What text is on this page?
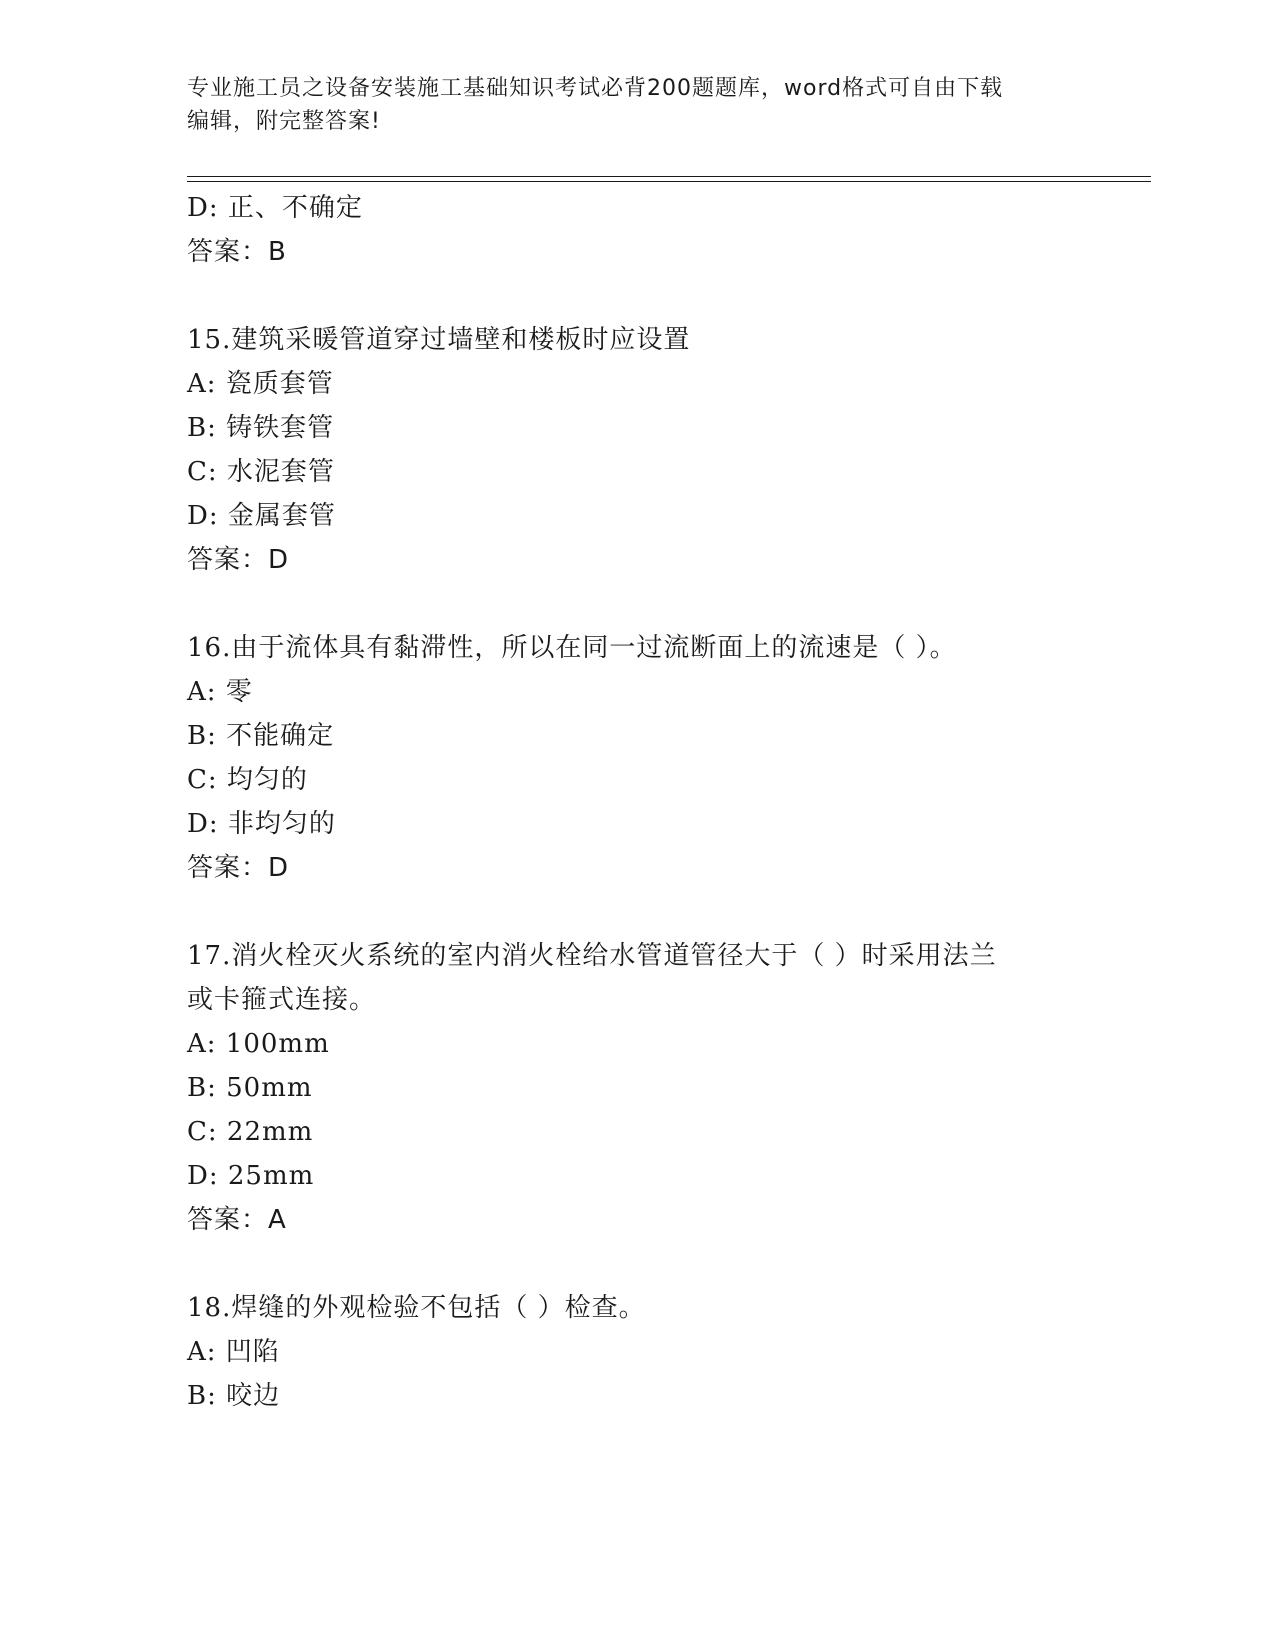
专业施工员之设备安装施工基础知识考试必背200题题库，word格式可自由下载
编辑，附完整答案!
D: 正、不确定
答案：B
15.建筑采暖管道穿过墙壁和楼板时应设置
A: 瓷质套管
B: 铸铁套管
C: 水泥套管
D: 金属套管
答案：D
16.由于流体具有黏滞性，所以在同一过流断面上的流速是（ ）。
A: 零
B: 不能确定
C: 均匀的
D: 非均匀的
答案：D
17.消火栓灭火系统的室内消火栓给水管道管径大于（ ）时采用法兰
或卡箍式连接。
A: 100mm
B: 50mm
C: 22mm
D: 25mm
答案：A
18.焊缝的外观检验不包括（ ）检查。
A: 凹陷
B: 咬边
